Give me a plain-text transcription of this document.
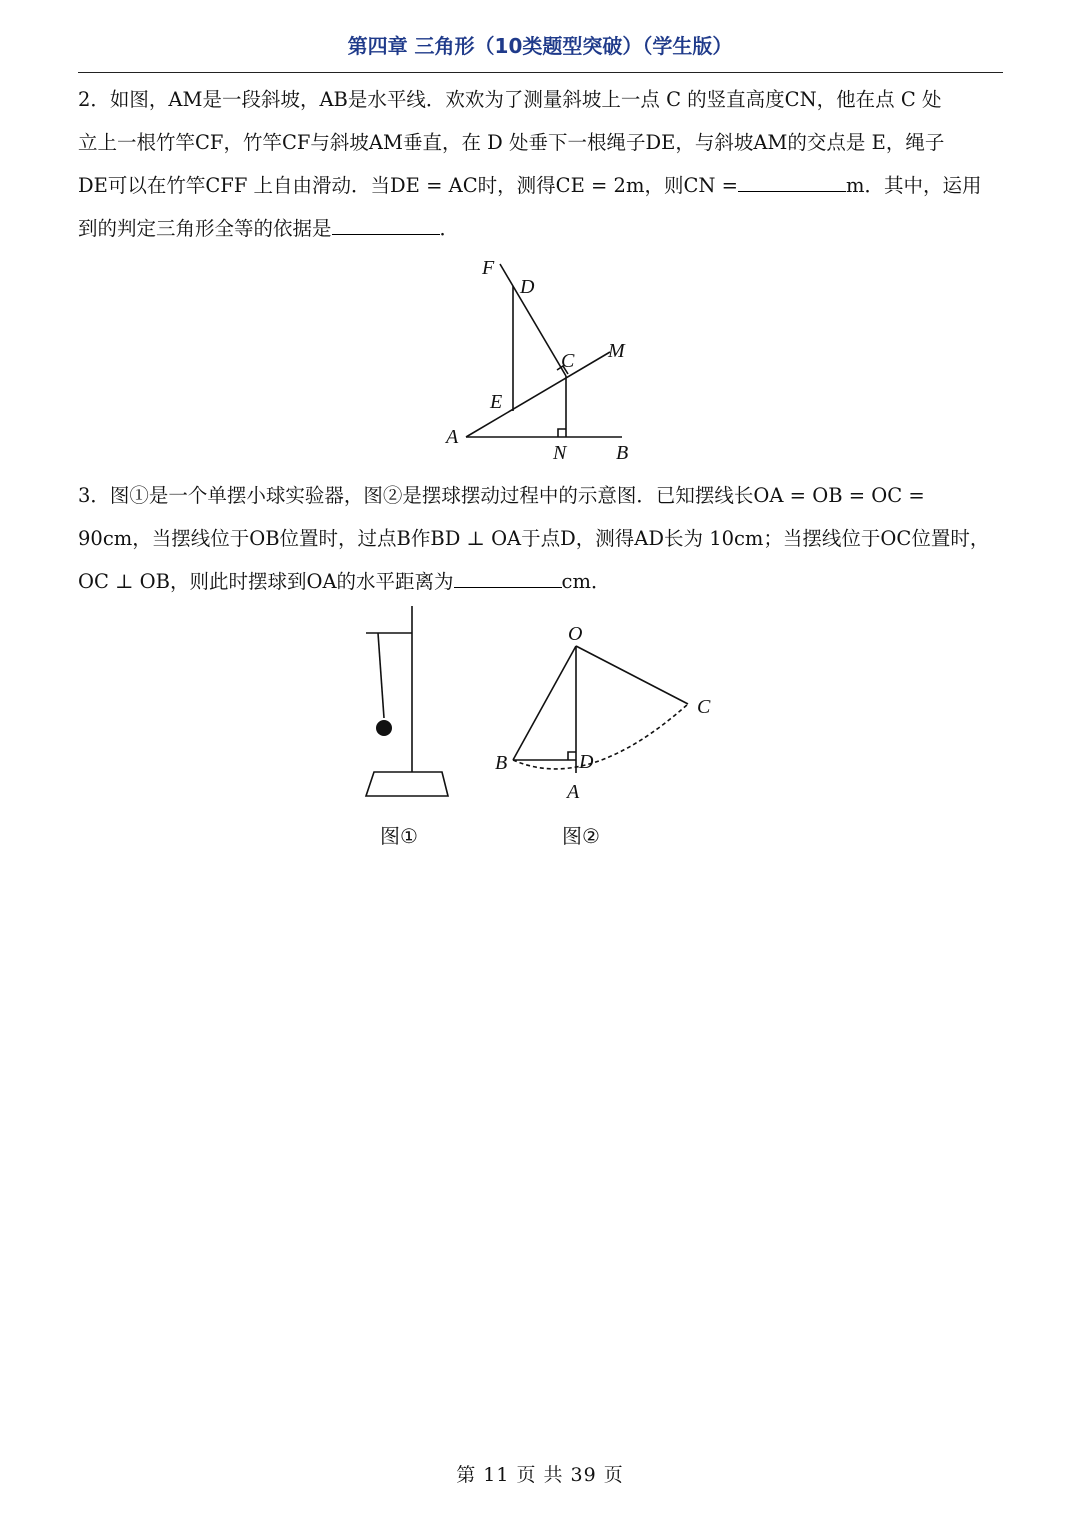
第四章 三角形（10类题型突破）（学生版）
2．如图，AM是一段斜坡，AB是水平线．欢欢为了测量斜坡上一点 C 的竖直高度CN，他在点 C 处
立上一根竹竿CF，竹竿CF与斜坡AM垂直，在 D 处垂下一根绳子DE，与斜坡AM的交点是 E，绳子
DE可以在竹竿CFF 上自由滑动．当DE = AC时，测得CE = 2m，则CN =	m．其中，运用
到的判定三角形全等的依据是	．
F
D
C M
E
A
N B
3．图①是一个单摆小球实验器，图②是摆球摆动过程中的示意图．已知摆线长OA = OB = OC =
90cm，当摆线位于OB位置时，过点B作BD ⊥ OA于点D，测得AD长为 10cm；当摆线位于OC位置时，
OC ⊥ OB，则此时摆球到OA的水平距离为	cm．
O
C
B	D
A
图①	图②
第 11 页 共 39 页
